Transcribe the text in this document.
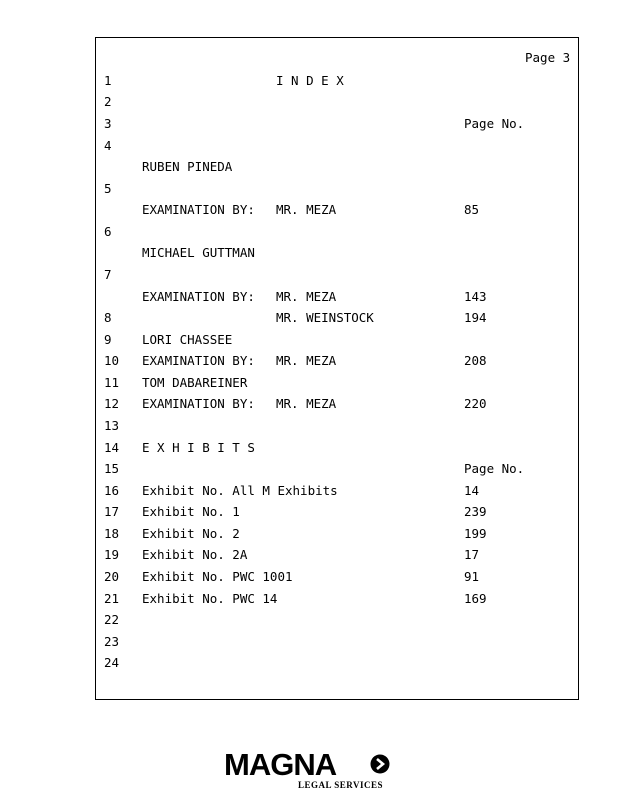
Page 3
1
2
3
4
5
6
7
8
9
10
11
12
13
14
15
16
17
18
19
20
21
22
23
24
I N D E X
Page No.
RUBEN PINEDA
EXAMINATION BY: MR. MEZA	85
MICHAEL GUTTMAN
EXAMINATION BY: MR. MEZA	143
MR. WEINSTOCK	194
LORI CHASSEE
EXAMINATION BY: MR. MEZA	208
TOM DABAREINER
EXAMINATION BY: MR. MEZA	220
E X H I B I T S
Page No.
Exhibit No. All M Exhibits	14
Exhibit No. 1	239
Exhibit No. 2	199
Exhibit No. 2A	17
Exhibit No. PWC 1001	91
Exhibit No. PWC 14	169
MAGNA
LEGAL SERVICES
